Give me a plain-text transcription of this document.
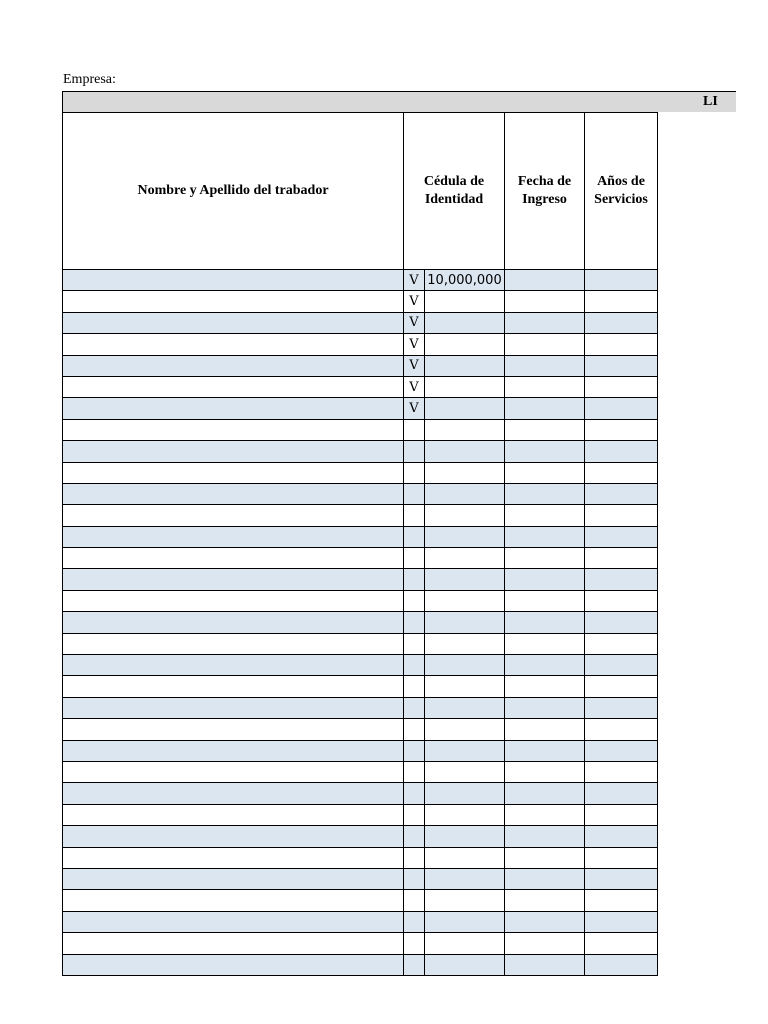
Empresa:
LI
Nombre y Apellido del trabador	Cédula de Identidad		Fecha de Ingreso	Años de Servicios
	V	10,000,000		
	V			
	V			
	V			
	V			
	V			
	V			
